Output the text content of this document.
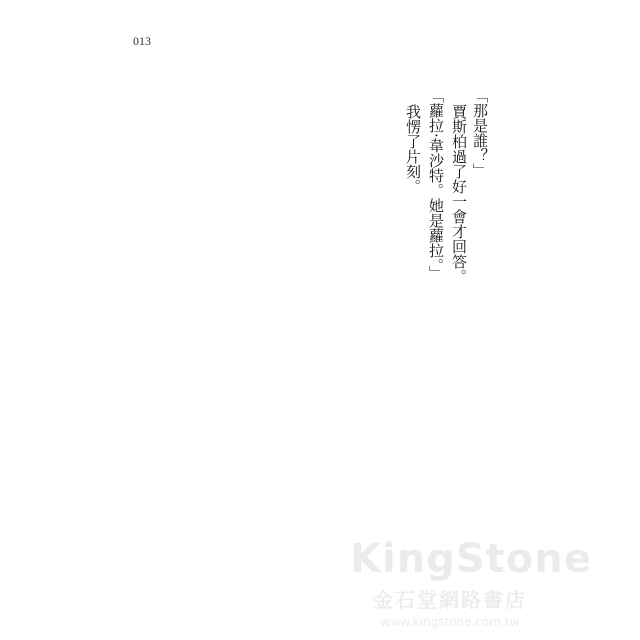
013
「那是誰？」
賈斯柏過了好一會才回答。
「蘿拉‧韋沙特。她是蘿拉。」
我愣了片刻。
KingStone
金石堂網路書店
www.kingstone.com.tw
